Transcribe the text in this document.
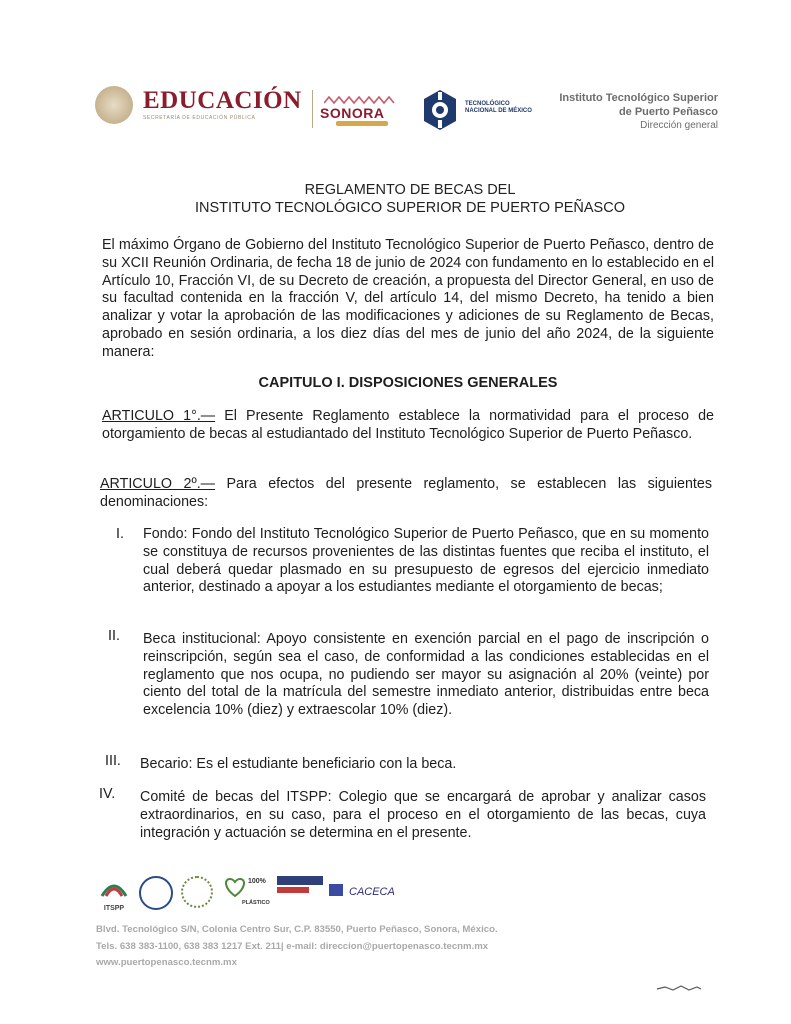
EDUCACIÓN
SECRETARÍA DE EDUCACIÓN PÚBLICA	SONORA
TECNOLÓGICO NACIONAL DE MÉXICO
Instituto Tecnológico Superior
de Puerto Peñasco
Dirección general
REGLAMENTO DE BECAS DEL
INSTITUTO TECNOLÓGICO SUPERIOR DE PUERTO PEÑASCO
El máximo Órgano de Gobierno del Instituto Tecnológico Superior de Puerto Peñasco, dentro de su XCII Reunión Ordinaria, de fecha 18 de junio de 2024 con fundamento en lo establecido en el Artículo 10, Fracción VI, de su Decreto de creación, a propuesta del Director General, en uso de su facultad contenida en la fracción V, del artículo 14, del mismo Decreto, ha tenido a bien analizar y votar la aprobación de las modificaciones y adiciones de su Reglamento de Becas, aprobado en sesión ordinaria, a los diez días del mes de junio del año 2024, de la siguiente manera:
CAPITULO I. DISPOSICIONES GENERALES
ARTICULO 1°.— El Presente Reglamento establece la normatividad para el proceso de otorgamiento de becas al estudiantado del Instituto Tecnológico Superior de Puerto Peñasco.
ARTICULO 2º.— Para efectos del presente reglamento, se establecen las siguientes denominaciones:
I. Fondo: Fondo del Instituto Tecnológico Superior de Puerto Peñasco, que en su momento se constituya de recursos provenientes de las distintas fuentes que reciba el instituto, el cual deberá quedar plasmado en su presupuesto de egresos del ejercicio inmediato anterior, destinado a apoyar a los estudiantes mediante el otorgamiento de becas;
II. Beca institucional: Apoyo consistente en exención parcial en el pago de inscripción o reinscripción, según sea el caso, de conformidad a las condiciones establecidas en el reglamento que nos ocupa, no pudiendo ser mayor su asignación al 20% (veinte) por ciento del total de la matrícula del semestre inmediato anterior, distribuidas entre beca excelencia 10% (diez) y extraescolar 10% (diez).
III. Becario: Es el estudiante beneficiario con la beca.
IV. Comité de becas del ITSPP: Colegio que se encargará de aprobar y analizar casos extraordinarios, en su caso, para el proceso en el otorgamiento de las becas, cuya integración y actuación se determina en el presente.
ITSPP
100%
PLÁSTICO
CACECA
Blvd. Tecnológico S/N, Colonia Centro Sur, C.P. 83550, Puerto Peñasco, Sonora, México.
Tels. 638 383-1100, 638 383 1217 Ext. 211| e-mail: direccion@puertopenasco.tecnm.mx
www.puertopenasco.tecnm.mx
